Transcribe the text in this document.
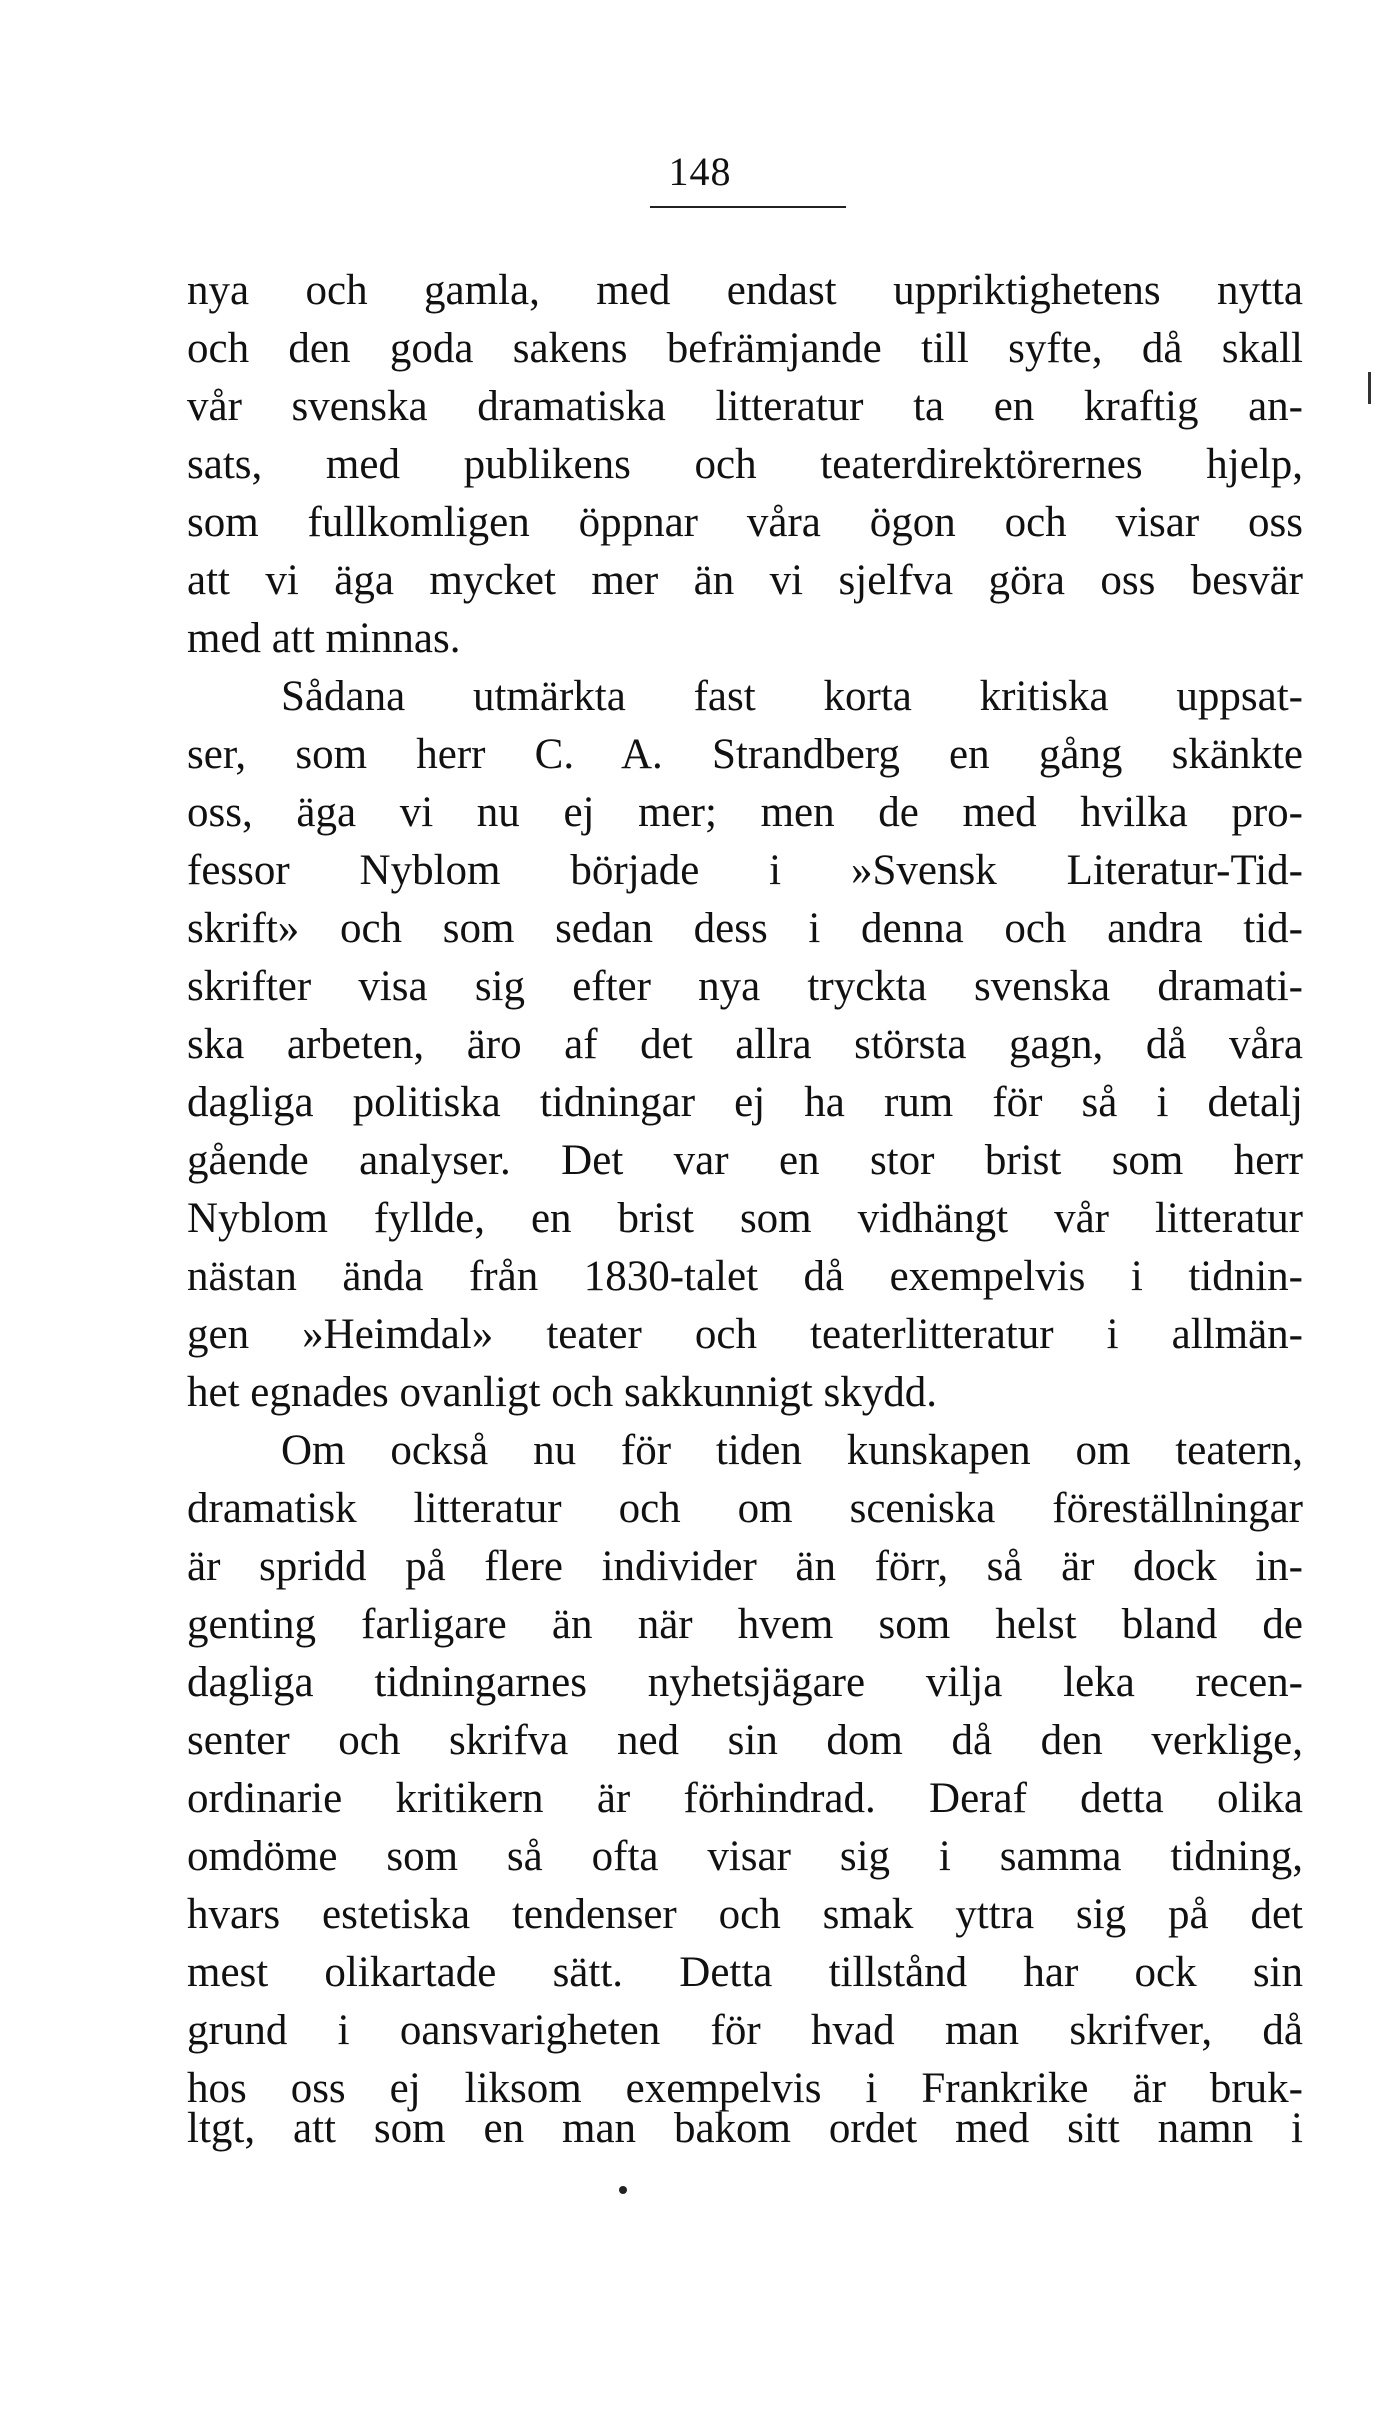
148
nya och gamla, med endast uppriktighetens nytta
och den goda sakens befrämjande till syfte, då skall
vår svenska dramatiska litteratur ta en kraftig an-
sats, med publikens och teaterdirektörernes hjelp,
som fullkomligen öppnar våra ögon och visar oss
att vi äga mycket mer än vi sjelfva göra oss besvär
med att minnas.
Sådana utmärkta fast korta kritiska uppsat-
ser, som herr C. A. Strandberg en gång skänkte
oss, äga vi nu ej mer; men de med hvilka pro-
fessor Nyblom började i »Svensk Literatur-Tid-
skrift» och som sedan dess i denna och andra tid-
skrifter visa sig efter nya tryckta svenska dramati-
ska arbeten, äro af det allra största gagn, då våra
dagliga politiska tidningar ej ha rum för så i detalj
gående analyser. Det var en stor brist som herr
Nyblom fyllde, en brist som vidhängt vår litteratur
nästan ända från 1830-talet då exempelvis i tidnin-
gen »Heimdal» teater och teaterlitteratur i allmän-
het egnades ovanligt och sakkunnigt skydd.
Om också nu för tiden kunskapen om teatern,
dramatisk litteratur och om sceniska föreställningar
är spridd på flere individer än förr, så är dock in-
genting farligare än när hvem som helst bland de
dagliga tidningarnes nyhetsjägare vilja leka recen-
senter och skrifva ned sin dom då den verklige,
ordinarie kritikern är förhindrad. Deraf detta olika
omdöme som så ofta visar sig i samma tidning,
hvars estetiska tendenser och smak yttra sig på det
mest olikartade sätt. Detta tillstånd har ock sin
grund i oansvarigheten för hvad man skrifver, då
hos oss ej liksom exempelvis i Frankrike är bruk-
ltgt, att som en man bakom ordet med sitt namn i
